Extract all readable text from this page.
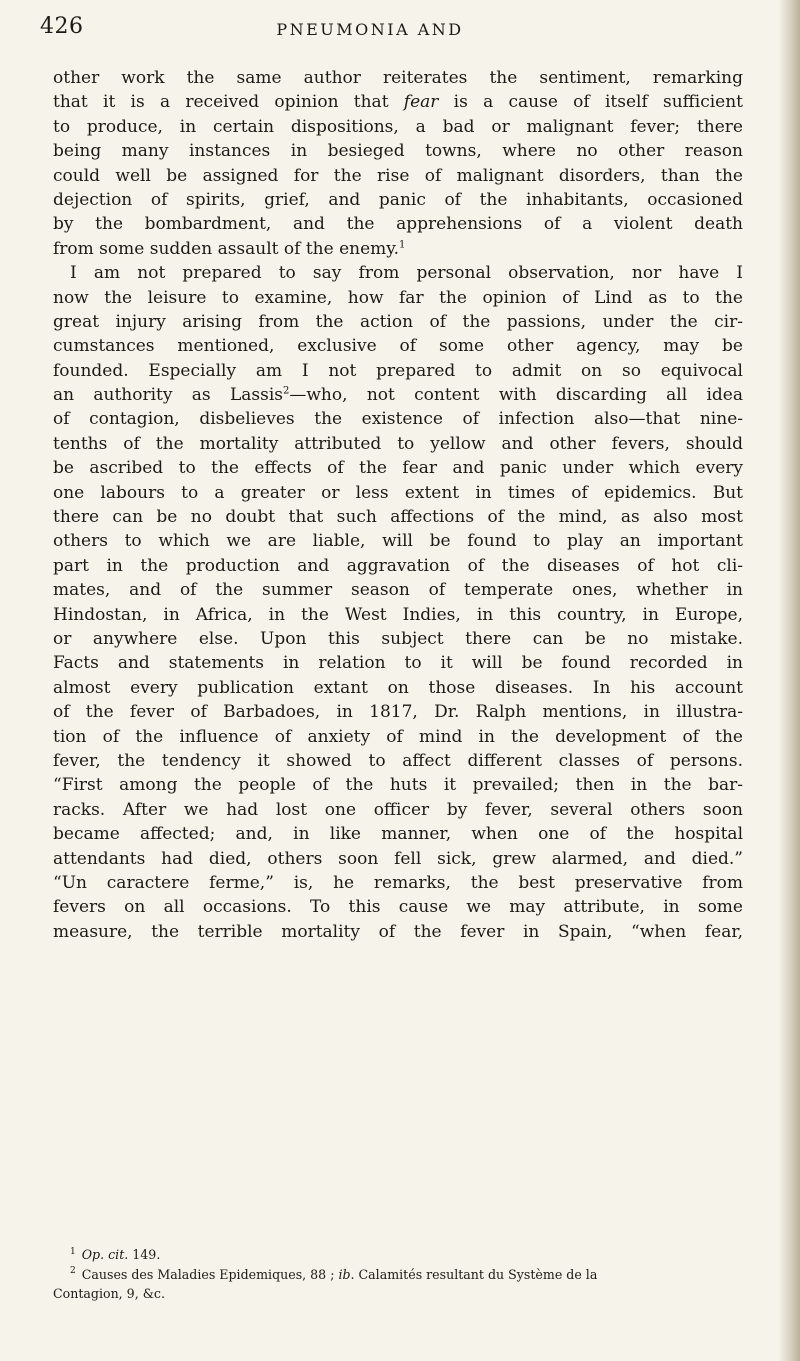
426	PNEUMONIA AND
other work the same author reiterates the sentiment, remarking
that it is a received opinion that fear is a cause of itself sufficient
to produce, in certain dispositions, a bad or malignant fever; there
being many instances in besieged towns, where no other reason
could well be assigned for the rise of malignant disorders, than the
dejection of spirits, grief, and panic of the inhabitants, occasioned
by the bombardment, and the apprehensions of a violent death
from some sudden assault of the enemy.$^1$
I am not prepared to say from personal observation, nor have I
now the leisure to examine, how far the opinion of Lind as to the
great injury arising from the action of the passions, under the cir-
cumstances mentioned, exclusive of some other agency, may be
founded. Especially am I not prepared to admit on so equivocal
an authority as Lassis$^2$—who, not content with discarding all idea
of contagion, disbelieves the existence of infection also—that nine-
tenths of the mortality attributed to yellow and other fevers, should
be ascribed to the effects of the fear and panic under which every
one labours to a greater or less extent in times of epidemics. But
there can be no doubt that such affections of the mind, as also most
others to which we are liable, will be found to play an important
part in the production and aggravation of the diseases of hot cli-
mates, and of the summer season of temperate ones, whether in
Hindostan, in Africa, in the West Indies, in this country, in Europe,
or anywhere else. Upon this subject there can be no mistake.
Facts and statements in relation to it will be found recorded in
almost every publication extant on those diseases. In his account
of the fever of Barbadoes, in 1817, Dr. Ralph mentions, in illustra-
tion of the influence of anxiety of mind in the development of the
fever, the tendency it showed to affect different classes of persons.
“First among the people of the huts it prevailed; then in the bar-
racks. After we had lost one officer by fever, several others soon
became affected; and, in like manner, when one of the hospital
attendants had died, others soon fell sick, grew alarmed, and died.”
“Un caractere ferme,” is, he remarks, the best preservative from
fevers on all occasions. To this cause we may attribute, in some
measure, the terrible mortality of the fever in Spain, “when fear,
$^1$ Op. cit. 149.
$^2$ Causes des Maladies Epidemiques, 88 ; ib. Calamités resultant du Système de la
Contagion, 9, &c.
